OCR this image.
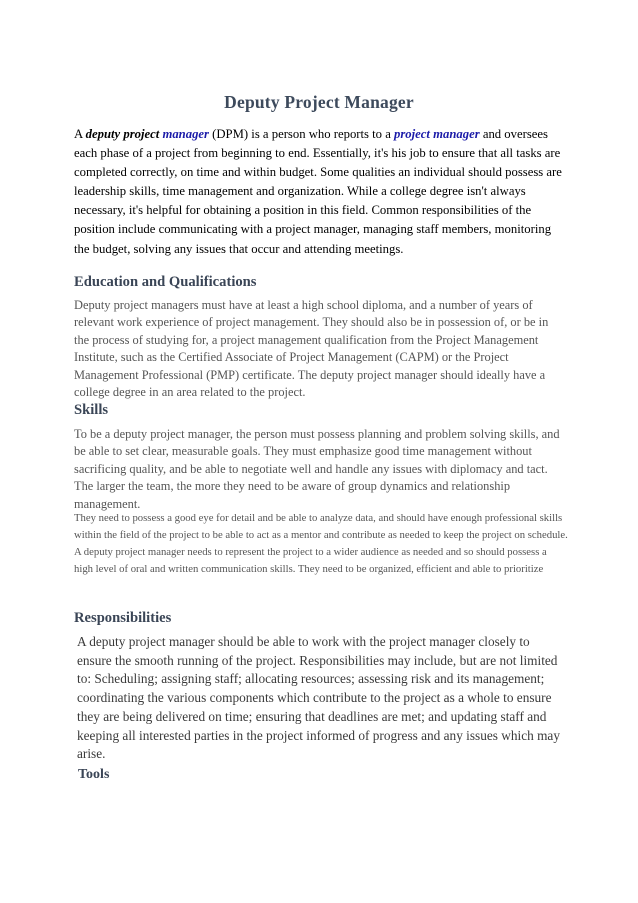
Deputy Project Manager
A deputy project manager (DPM) is a person who reports to a project manager and oversees each phase of a project from beginning to end. Essentially, it's his job to ensure that all tasks are completed correctly, on time and within budget. Some qualities an individual should possess are leadership skills, time management and organization. While a college degree isn't always necessary, it's helpful for obtaining a position in this field. Common responsibilities of the position include communicating with a project manager, managing staff members, monitoring the budget, solving any issues that occur and attending meetings.
Education and Qualifications
Deputy project managers must have at least a high school diploma, and a number of years of relevant work experience of project management. They should also be in possession of, or be in the process of studying for, a project management qualification from the Project Management Institute, such as the Certified Associate of Project Management (CAPM) or the Project Management Professional (PMP) certificate. The deputy project manager should ideally have a college degree in an area related to the project.
Skills
To be a deputy project manager, the person must possess planning and problem solving skills, and be able to set clear, measurable goals. They must emphasize good time management without sacrificing quality, and be able to negotiate well and handle any issues with diplomacy and tact. The larger the team, the more they need to be aware of group dynamics and relationship management.
They need to possess a good eye for detail and be able to analyze data, and should have enough professional skills within the field of the project to be able to act as a mentor and contribute as needed to keep the project on schedule. A deputy project manager needs to represent the project to a wider audience as needed and so should possess a high level of oral and written communication skills. They need to be organized, efficient and able to prioritize
Responsibilities
A deputy project manager should be able to work with the project manager closely to ensure the smooth running of the project. Responsibilities may include, but are not limited to: Scheduling; assigning staff; allocating resources; assessing risk and its management; coordinating the various components which contribute to the project as a whole to ensure they are being delivered on time; ensuring that deadlines are met; and updating staff and keeping all interested parties in the project informed of progress and any issues which may arise.
Tools
